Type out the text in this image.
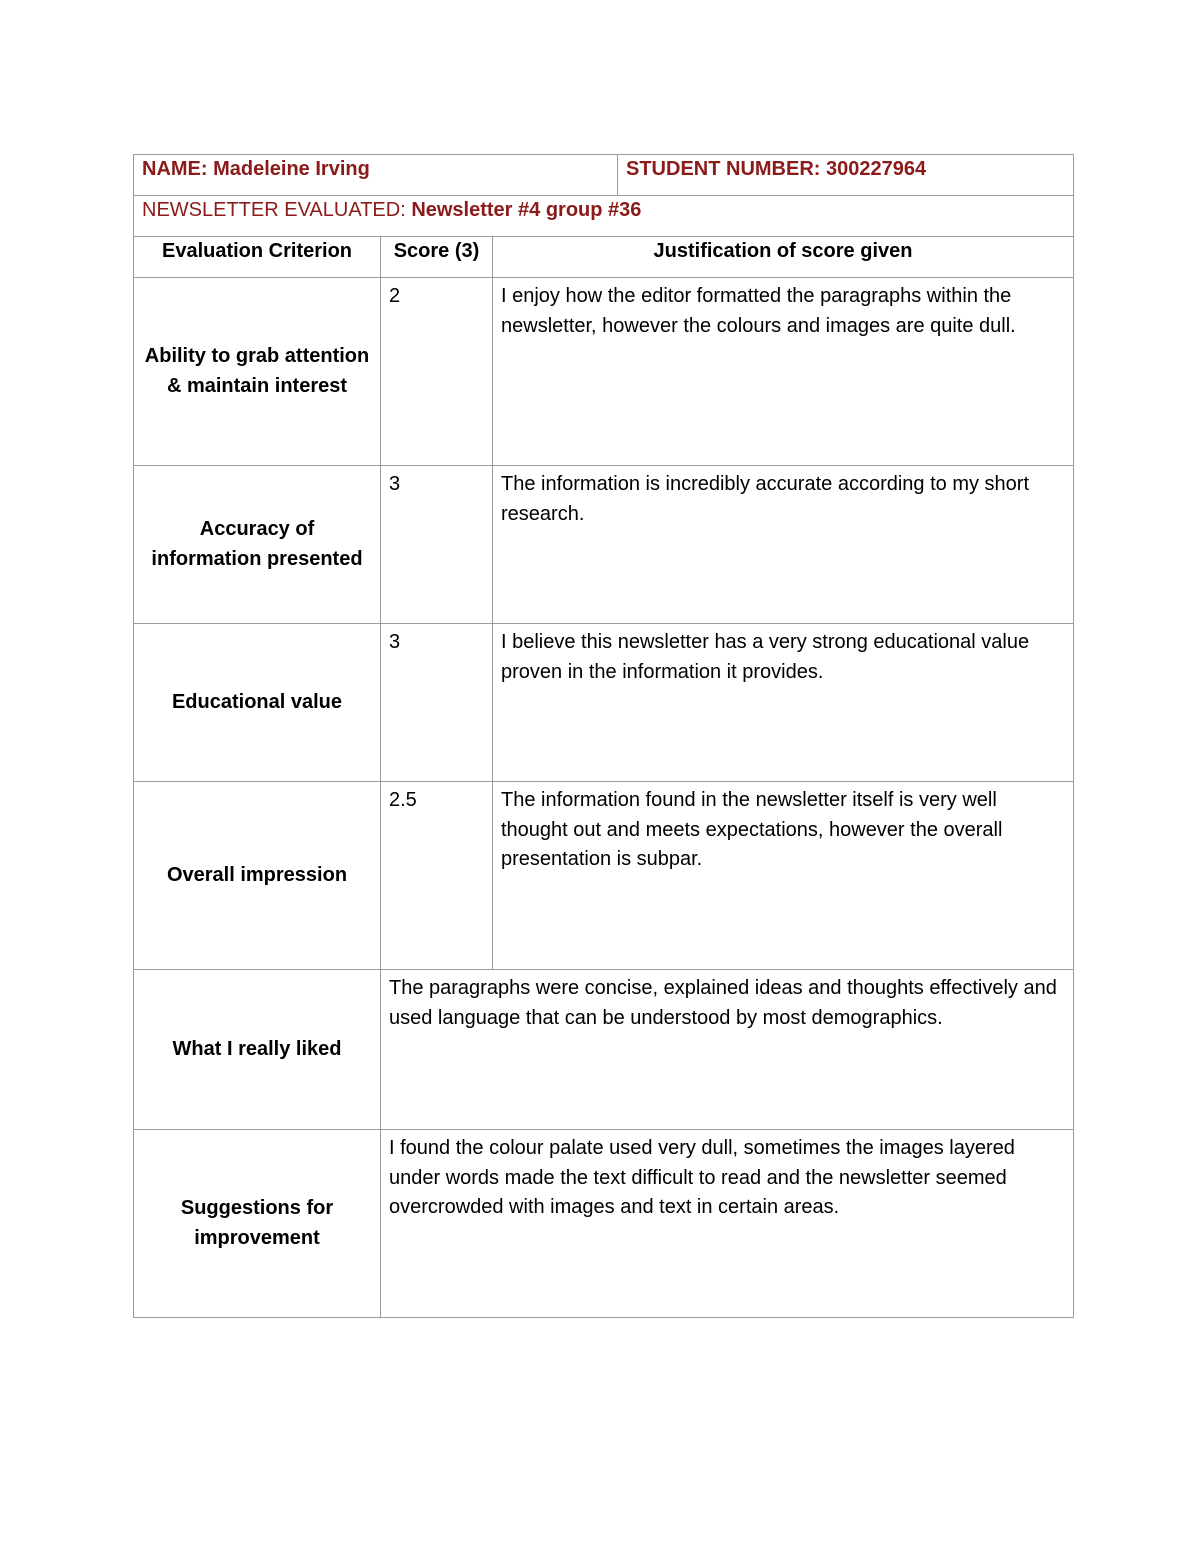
NAME: Madeleine Irving			STUDENT NUMBER: 300227964
NEWSLETTER EVALUATED: Newsletter #4 group #36			
Evaluation Criterion	Score (3)	Justification of score given	
Ability to grab attention & maintain interest	2	I enjoy how the editor formatted the paragraphs within the newsletter, however the colours and images are quite dull.	
Accuracy of information presented	3	The information is incredibly accurate according to my short research.	
Educational value	3	I believe this newsletter has a very strong educational value proven in the information it provides.	
Overall impression	2.5	The information found in the newsletter itself is very well thought out and meets expectations, however the overall presentation is subpar.	
What I really liked	The paragraphs were concise, explained ideas and thoughts effectively and used language that can be understood by most demographics.		
Suggestions for improvement	I found the colour palate used very dull, sometimes the images layered under words made the text difficult to read and the newsletter seemed overcrowded with images and text in certain areas.		
